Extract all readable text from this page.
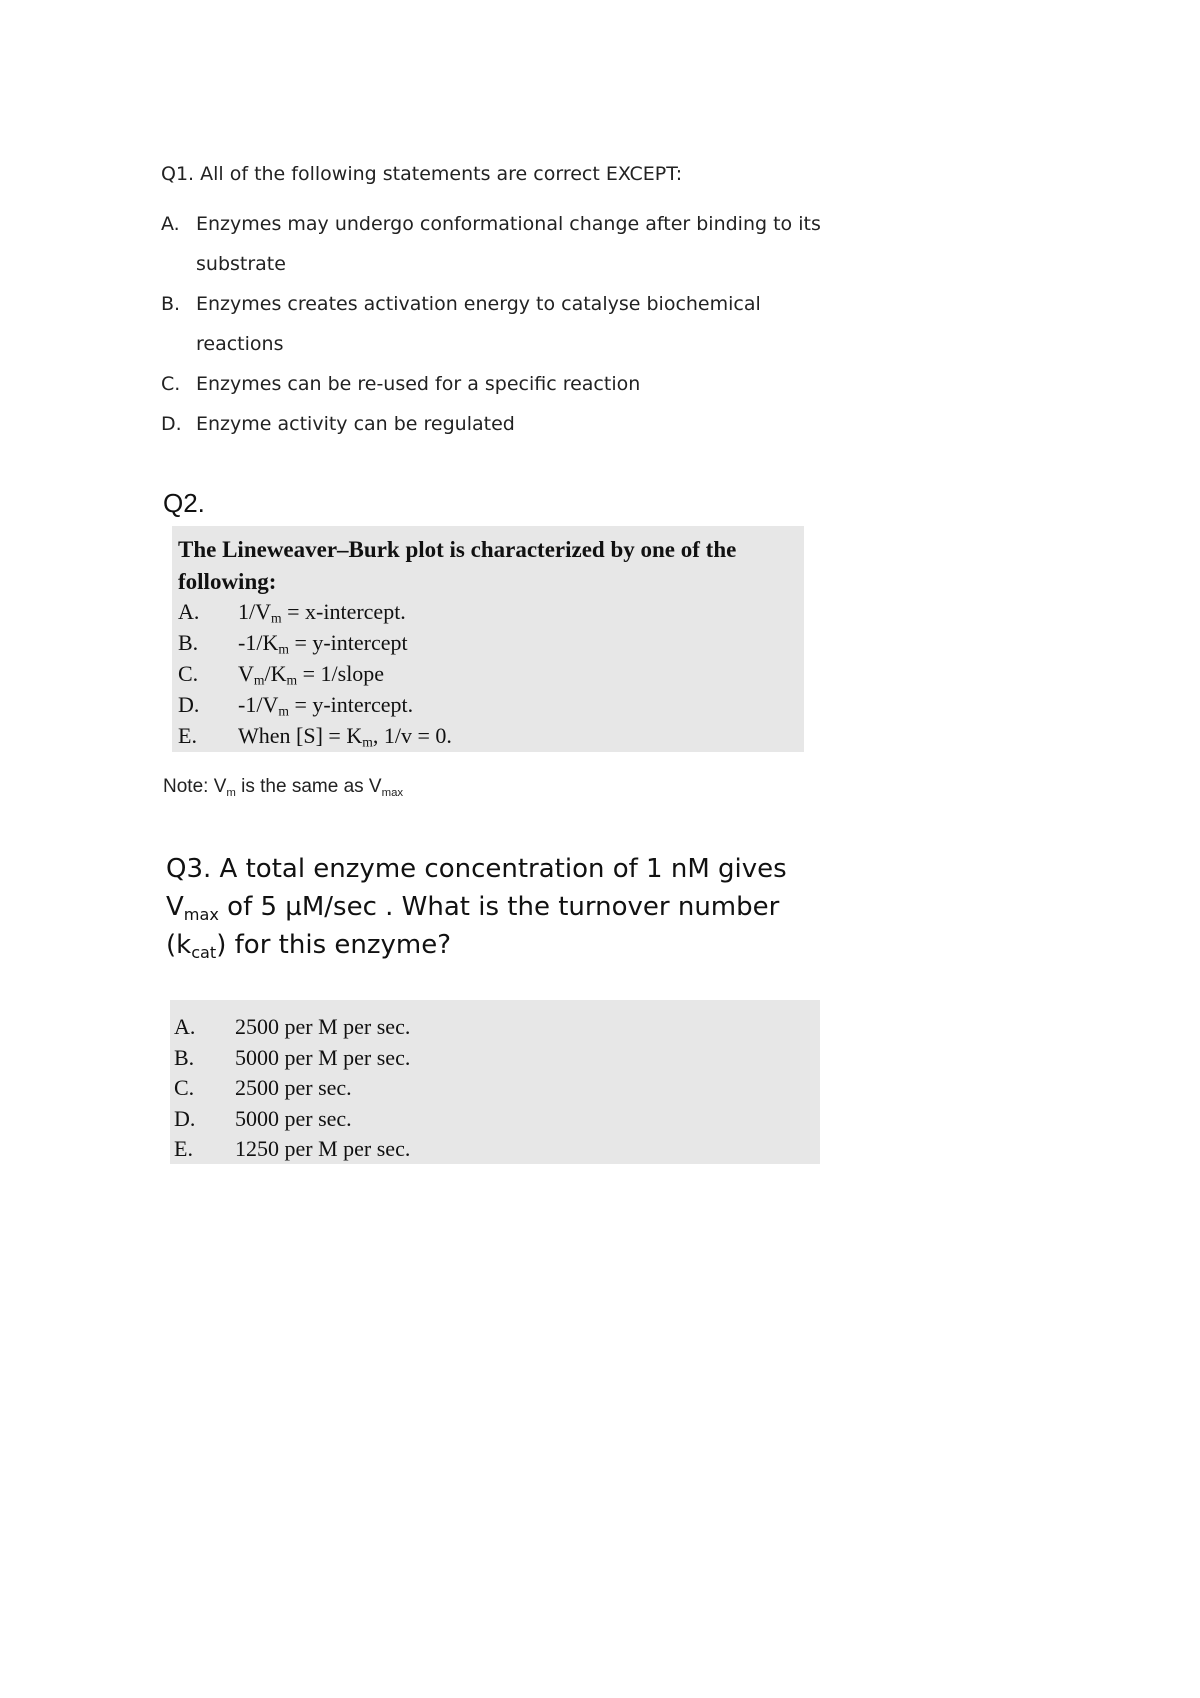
Q1. All of the following statements are correct EXCEPT:
A. Enzymes may undergo conformational change after binding to its substrate
B. Enzymes creates activation energy to catalyse biochemical reactions
C. Enzymes can be re-used for a specific reaction
D. Enzyme activity can be regulated
Q2.
The Lineweaver–Burk plot is characterized by one of the following:
A.	$1/V_m$ = x-intercept.
B.	$-1/K_m$ = y-intercept
C.	$V_m/K_m$ = 1/slope
D.	$-1/V_m$ = y-intercept.
E.	When $[S] = K_m$, 1/v = 0.
Note: $V_m$ is the same as $V_{max}$
Q3. A total enzyme concentration of 1 nM gives $V_{max}$ of 5 µM/sec . What is the turnover number $(k_{cat})$ for this enzyme?
A.	2500 per M per sec.
B.	5000 per M per sec.
C.	2500 per sec.
D.	5000 per sec.
E.	1250 per M per sec.
